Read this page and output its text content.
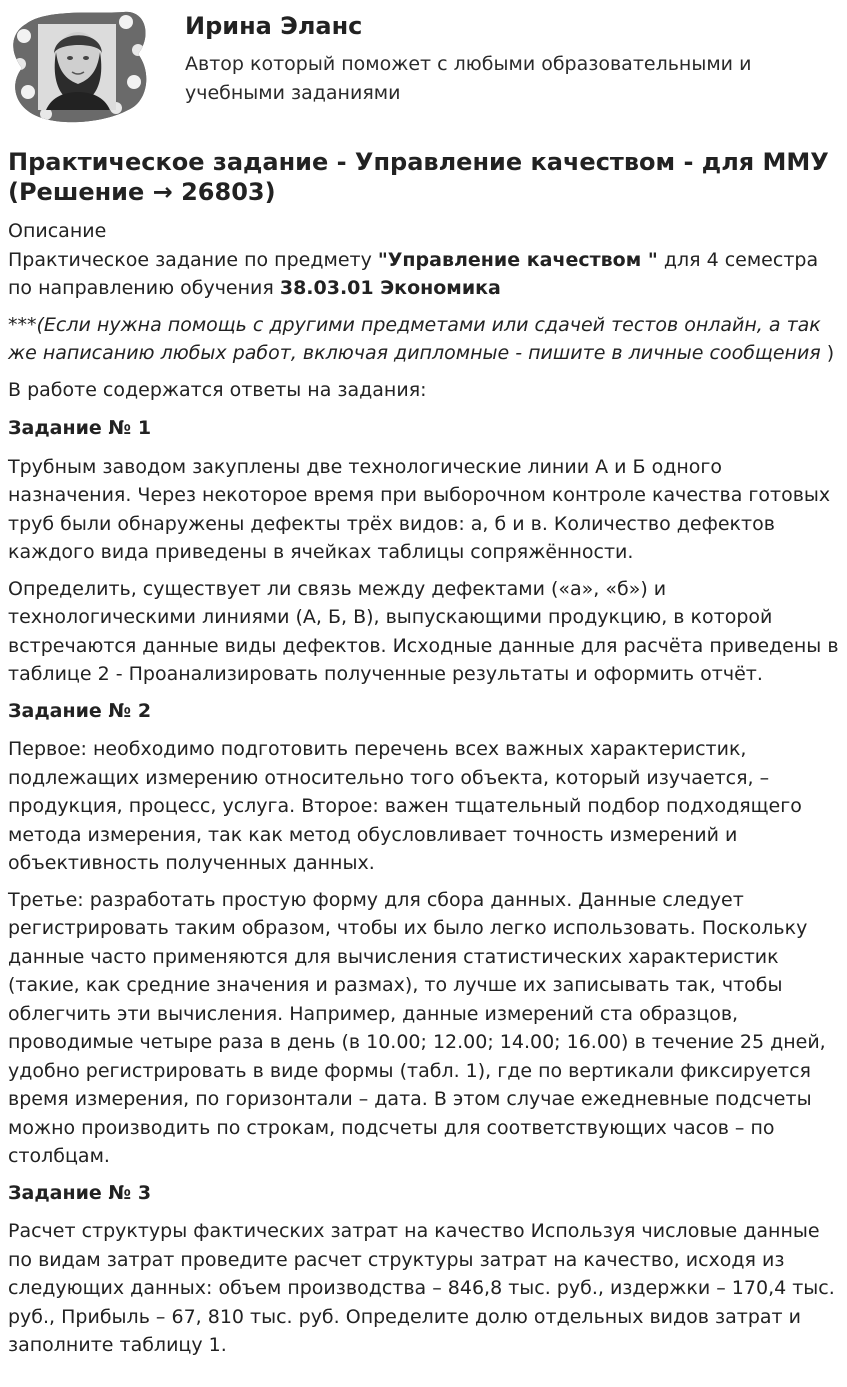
Ирина Эланс
Автор который поможет с любыми образовательными и учебными заданиями
Практическое задание - Управление качеством - для ММУ (Решение → 26803)

Описание

Практическое задание по предмету "Управление качеством " для 4 семестра по направлению обучения 38.03.01 Экономика

***(Если нужна помощь с другими предметами или сдачей тестов онлайн, а так же написанию любых работ, включая дипломные - пишите в личные сообщения )

В работе содержатся ответы на задания:

Задание № 1

Трубным заводом закуплены две технологические линии А и Б одного назначения. Через некоторое время при выборочном контроле качества готовых труб были обнаружены дефекты трёх видов: а, б и в. Количество дефектов каждого вида приведены в ячейках таблицы сопряжённости.

Определить, существует ли связь между дефектами («а», «б») и технологическими линиями (А, Б, В), выпускающими продукцию, в которой встречаются данные виды дефектов. Исходные данные для расчёта приведены в таблице 2 - Проанализировать полученные результаты и оформить отчёт.

Задание № 2

Первое: необходимо подготовить перечень всех важных характеристик, подлежащих измерению относительно того объекта, который изучается, – продукция, процесс, услуга. Второе: важен тщательный подбор подходящего метода измерения, так как метод обусловливает точность измерений и объективность полученных данных.

Третье: разработать простую форму для сбора данных. Данные следует регистрировать таким образом, чтобы их было легко использовать. Поскольку данные часто применяются для вычисления статистических характеристик (такие, как средние значения и размах), то лучше их записывать так, чтобы облегчить эти вычисления. Например, данные измерений ста образцов, проводимые четыре раза в день (в 10.00; 12.00; 14.00; 16.00) в течение 25 дней, удобно регистрировать в виде формы (табл. 1), где по вертикали фиксируется время измерения, по горизонтали – дата. В этом случае ежедневные подсчеты можно производить по строкам, подсчеты для соответствующих часов – по столбцам.

Задание № 3

Расчет структуры фактических затрат на качество Используя числовые данные по видам затрат проведите расчет структуры затрат на качество, исходя из следующих данных: объем производства – 846,8 тыс. руб., издержки – 170,4 тыс. руб., Прибыль – 67, 810 тыс. руб. Определите долю отдельных видов затрат и заполните таблицу 1.
